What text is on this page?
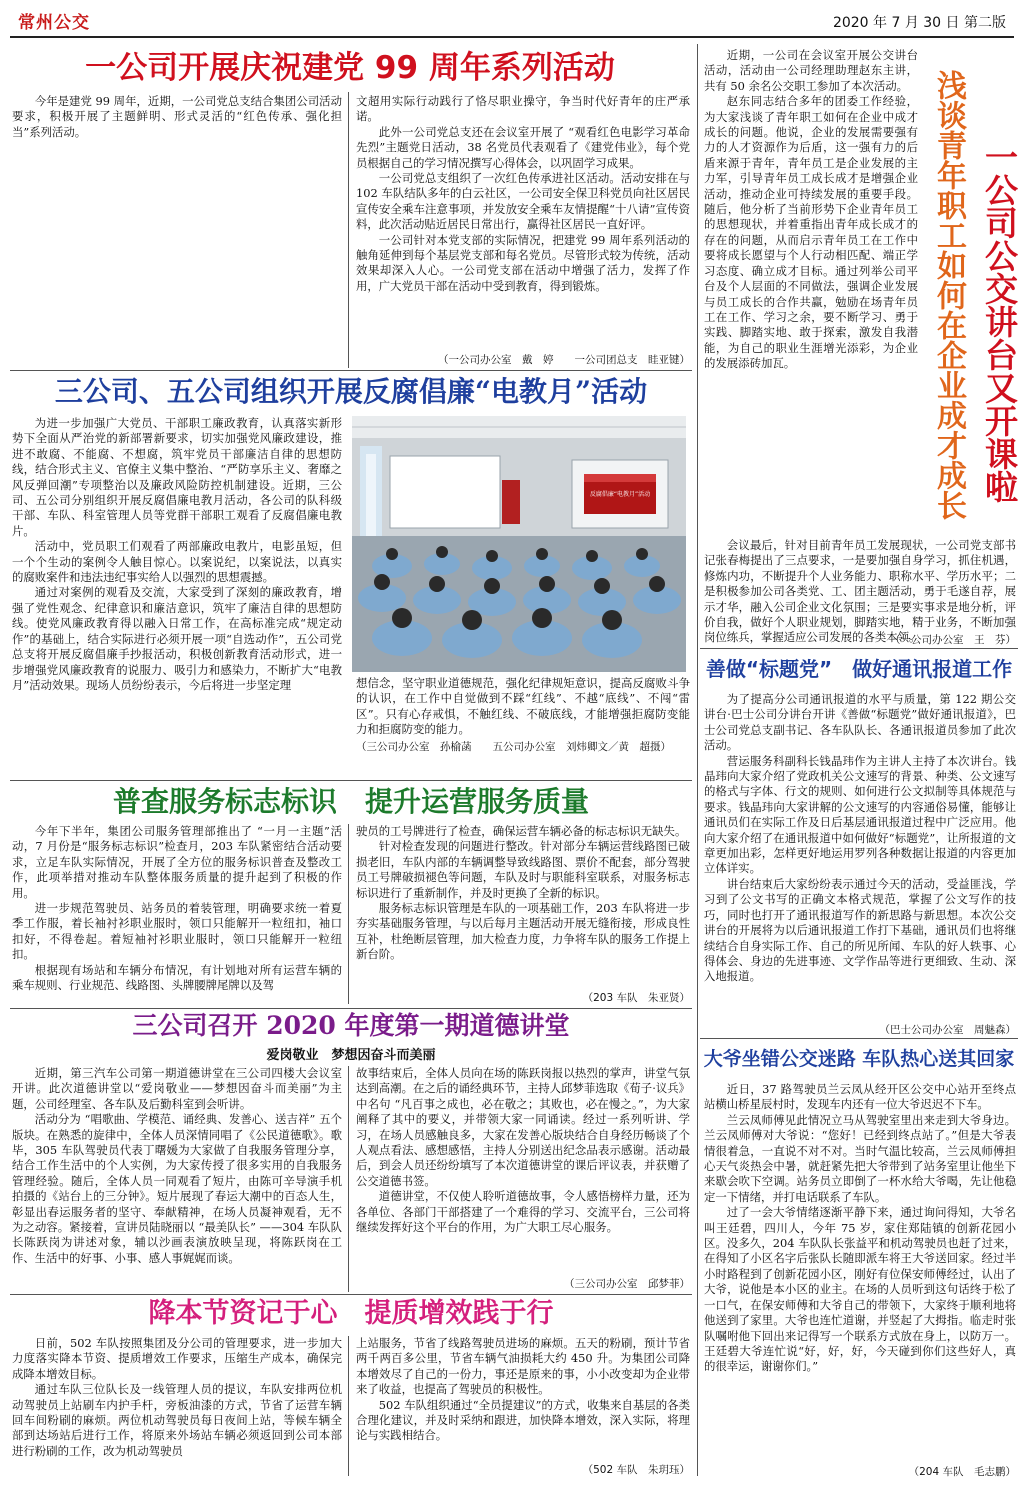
常州公交	2020 年 7 月 30 日 第二版
一公司开展庆祝建党 99 周年系列活动

今年是建党 99 周年，近期，一公司党总支结合集团公司活动要求，积极开展了主题鲜明、形式灵活的“红色传承、强化担当”系列活动。

文超用实际行动践行了恪尽职业操守，争当时代好青年的庄严承诺。

此外一公司党总支还在会议室开展了 “观看红色电影学习革命先烈”主题党日活动，38 名党员代表观看了《建党伟业》，每个党员根据自己的学习情况撰写心得体会，以巩固学习成果。

一公司党总支组织了一次红色传承进社区活动。活动安排在与 102 车队结队多年的白云社区，一公司安全保卫科党员向社区居民宣传安全乘车注意事项，并发放安全乘车友情提醒“十八请”宣传资料，此次活动贴近居民日常出行，赢得社区居民一直好评。

一公司针对本党支部的实际情况，把建党 99 周年系列活动的触角延伸到每个基层党支部和每名党员。尽管形式较为传统，活动效果却深入人心。一公司党支部在活动中增强了活力，发挥了作用，广大党员干部在活动中受到教育，得到锻炼。

（一公司办公室　戴　婷　　一公司团总支　眭亚键）
三公司、五公司组织开展反腐倡廉“电教月”活动

为进一步加强广大党员、干部职工廉政教育，认真落实新形势下全面从严治党的新部署新要求，切实加强党风廉政建设，推进不敢腐、不能腐、不想腐，筑牢党员干部廉洁自律的思想防线，结合形式主义、官僚主义集中整治、“严防享乐主义、奢靡之风反弹回潮”专项整治以及廉政风险防控机制建设。近期，三公司、五公司分别组织开展反腐倡廉电教月活动，各公司的队科级干部、车队、科室管理人员等党群干部职工观看了反腐倡廉电教片。

活动中，党员职工们观看了两部廉政电教片，电影虽短，但一个个生动的案例令人触目惊心。以案说纪，以案说法，以真实的腐败案件和违法违纪事实给人以强烈的思想震撼。

通过对案例的观看及交流，大家受到了深刻的廉政教育，增强了党性观念、纪律意识和廉洁意识，筑牢了廉洁自律的思想防线。使党风廉政教育得以融入日常工作，在高标准完成“规定动作”的基础上，结合实际进行必须开展一项“自选动作”，五公司党总支将开展反腐倡廉手抄报活动，积极创新教育活动形式，进一步增强党风廉政教育的说服力、吸引力和感染力，不断扩大“电教月”活动效果。现场人员纷纷表示，今后将进一步坚定理

反腐倡廉“电教月”活动

想信念，坚守职业道德规范，强化纪律规矩意识，提高反腐败斗争的认识，在工作中自觉做到不踩“红线”、不越“底线”、不闯“雷区”。只有心存戒惧，不触红线、不破底线，才能增强拒腐防变能力和拒腐防变的能力。

（三公司办公室　孙榆菡　　五公司办公室　刘炜卿文／黄　超摄）
普查服务标志标识　提升运营服务质量

今年下半年，集团公司服务管理部推出了 “一月一主题”活动，7 月份是“服务标志标识”检查月，203 车队紧密结合活动要求，立足车队实际情况，开展了全方位的服务标识普查及整改工作，此项举措对推动车队整体服务质量的提升起到了积极的作用。

进一步规范驾驶员、站务员的着装管理，明确要求统一着夏季工作服，着长袖衬衫职业服时，领口只能解开一粒纽扣，袖口扣好，不得卷起。着短袖衬衫职业服时，领口只能解开一粒纽扣。

根据现有场站和车辆分布情况，有计划地对所有运营车辆的乘车规则、行业规范、线路图、头牌腰牌尾牌以及驾

驶员的工号牌进行了检查，确保运营车辆必备的标志标识无缺失。

针对检查发现的问题进行整改。针对部分车辆运营线路图已破损老旧，车队内部的车辆调整导致线路图、票价不配套，部分驾驶员工号牌破损褪色等问题，车队及时与职能科室联系，对服务标志标识进行了重新制作，并及时更换了全新的标识。

服务标志标识管理是车队的一项基础工作，203 车队将进一步夯实基础服务管理，与以后每月主题活动开展无缝衔接，形成良性互补，杜绝断层管理，加大检查力度，力争将车队的服务工作提上新台阶。

（203 车队　朱亚贤）
三公司召开 2020 年度第一期道德讲堂
爱岗敬业　梦想因奋斗而美丽

近期，第三汽车公司第一期道德讲堂在三公司四楼大会议室开讲。此次道德讲堂以“爱岗敬业——梦想因奋斗而美丽”为主题，公司经理室、各车队及后勤科室到会听讲。

活动分为 “唱歌曲、学模范、诵经典、发善心、送吉祥” 五个版块。在熟悉的旋律中，全体人员深情同唱了《公民道德歌》。歌毕，305 车队驾驶员代表丁曙媛为大家做了自我服务管理分享，结合工作生活中的个人实例，为大家传授了很多实用的自我服务管理经验。随后，全体人员一同观看了短片，由陈可辛导演手机拍摄的《站台上的三分钟》。短片展现了春运大潮中的百态人生，彰显出春运服务者的坚守、奉献精神，在场人员凝神观看，无不为之动容。紧接着，宣讲员陆晓丽以 “最美队长” ——304 车队队长陈跃岗为讲述对象，辅以沙画表演放映呈现，将陈跃岗在工作、生活中的好事、小事、感人事娓娓而谈。

故事结束后，全体人员向在场的陈跃岗报以热烈的掌声，讲堂气氛达到高潮。在之后的诵经典环节，主持人邱梦菲选取《荀子·议兵》中名句 “凡百事之成也，必在敬之；其败也，必在慢之。”，为大家阐释了其中的要义，并带领大家一同诵读。经过一系列听讲、学习，在场人员感触良多，大家在发善心版块结合自身经历畅谈了个人观点看法、感想感悟，主持人分别送出纪念品表示感谢。活动最后，到会人员还纷纷填写了本次道德讲堂的课后评议表，并获赠了公交道德书签。

道德讲堂，不仅使人聆听道德故事，令人感悟榜样力量，还为各单位、各部门干部搭建了一个难得的学习、交流平台，三公司将继续发挥好这个平台的作用，为广大职工尽心服务。

（三公司办公室　邱梦菲）
降本节资记于心　提质增效践于行

日前，502 车队按照集团及分公司的管理要求，进一步加大力度落实降本节资、提质增效工作要求，压缩生产成本，确保完成降本增效目标。

通过车队三位队长及一线管理人员的提议，车队安排两位机动驾驶员上站刷车内护手杆，旁板油漆的方式，节省了运营车辆回车间粉刷的麻烦。两位机动驾驶员每日夜间上站，等候车辆全部到达场站后进行工作，将原来外场站车辆必须返回到公司本部进行粉刷的工作，改为机动驾驶员

上站服务，节省了线路驾驶员进场的麻烦。五天的粉刷，预计节省两千两百多公里，节省车辆气油损耗大约 450 升。为集团公司降本增效尽了自己的一份力，事还是原来的事，小小改变却为企业带来了收益，也提高了驾驶员的积极性。

502 车队组织通过“全员提建议”的方式，收集来自基层的各类合理化建议，并及时采纳和跟进，加快降本增效，深入实际，将理论与实践相结合。

（502 车队　朱玥珏）

近期，一公司在会议室开展公交讲台活动，活动由一公司经理助理赵东主讲，共有 50 余名公交职工参加了本次活动。

赵东同志结合多年的团委工作经验，为大家浅谈了青年职工如何在企业中成才成长的问题。他说，企业的发展需要强有力的人才资源作为后盾，这一强有力的后盾来源于青年，青年员工是企业发展的主力军，引导青年员工成长成才是增强企业活动，推动企业可持续发展的重要手段。随后，他分析了当前形势下企业青年员工的思想现状，并着重指出青年成长成才的存在的问题，从而启示青年员工在工作中要将成长愿望与个人行动相匹配、端正学习态度、确立成才目标。通过列举公司平台及个人层面的不同做法，强调企业发展与员工成长的合作共赢，勉励在场青年员工在工作、学习之余，要不断学习、勇于实践、脚踏实地、敢于探索，激发自我潜能，为自己的职业生涯增光添彩，为企业的发展添砖加瓦。	浅谈青年职工如何在企业成才成长 一公司公交讲台又开课啦

会议最后，针对目前青年员工发展现状，一公司党支部书记张春梅提出了三点要求，一是要加强自身学习，抓住机遇，修炼内功，不断提升个人业务能力、职称水平、学历水平；二是积极参加公司各类党、工、团主题活动，勇于毛遂自荐，展示才华，融入公司企业文化氛围；三是要实事求是地分析，评价自我，做好个人职业规划，脚踏实地，精于业务，不断加强岗位练兵，掌握适应公司发展的各类本领。

（一公司办公室　王　芬）
善做“标题党”　做好通讯报道工作

为了提高分公司通讯报道的水平与质量，第 122 期公交讲台·巴士公司分讲台开讲《善做“标题党”做好通讯报道》，巴士公司党总支副书记、各车队队长、各通讯报道员参加了此次活动。

营运服务科副科长钱晶玮作为主讲人主持了本次讲台。钱晶玮向大家介绍了党政机关公文速写的背景、种类、公文速写的格式与字体、行文的规则、如何进行公文拟制等具体规范与要求。钱晶玮向大家讲解的公文速写的内容通俗易懂，能够让通讯员们在实际工作及日后基层通讯报道过程中广泛应用。他向大家介绍了在通讯报道中如何做好“标题党”，让所报道的文章更加出彩，怎样更好地运用罗列各种数据让报道的内容更加立体详实。

讲台结束后大家纷纷表示通过今天的活动，受益匪浅，学习到了公文书写的正确文本格式规范，掌握了公文写作的技巧，同时也打开了通讯报道写作的新思路与新思想。本次公交讲台的开展将为以后通讯报道工作打下基础，通讯员们也将继续结合自身实际工作、自己的所见所闻、车队的好人轶事、心得体会、身边的先进事迹、文学作品等进行更细致、生动、深入地报道。

（巴士公司办公室　周魅森）
大爷坐错公交迷路 车队热心送其回家

近日，37 路驾驶员兰云凤从经开区公交中心站开至终点站横山桥星辰村时，发现车内还有一位大爷迟迟不下车。

兰云凤师傅见此情况立马从驾驶室里出来走到大爷身边。兰云凤师傅对大爷说：“您好！已经到终点站了。”但是大爷表情很着急，一直说不对不对。当时气温比较高，兰云凤师傅担心天气炎热会中暑，就赶紧先把大爷带到了站务室里让他坐下来歇会吹下空调。站务员立即倒了一杯水给大爷喝，先让他稳定一下情绪，并打电话联系了车队。

过了一会大爷情绪逐渐平静下来，通过询问得知，大爷名叫王廷碧，四川人，今年 75 岁，家住郑陆镇的创新花园小区。没多久，204 车队队长张益平和机动驾驶员也赶了过来，在得知了小区名字后张队长随即派车将王大爷送回家。经过半小时路程到了创新花园小区，刚好有位保安师傅经过，认出了大爷，说他是本小区的业主。在场的人员听到这句话终于松了一口气，在保安师傅和大爷自己的带领下，大家终于顺利地将他送到了家里。大爷也连忙道谢，并竖起了大拇指。临走时张队嘱咐他下回出来记得写一个联系方式放在身上，以防万一。王廷碧大爷连忙说“好，好，好，今天碰到你们这些好人，真的很幸运，谢谢你们。”

（204 车队　毛志鹏）
